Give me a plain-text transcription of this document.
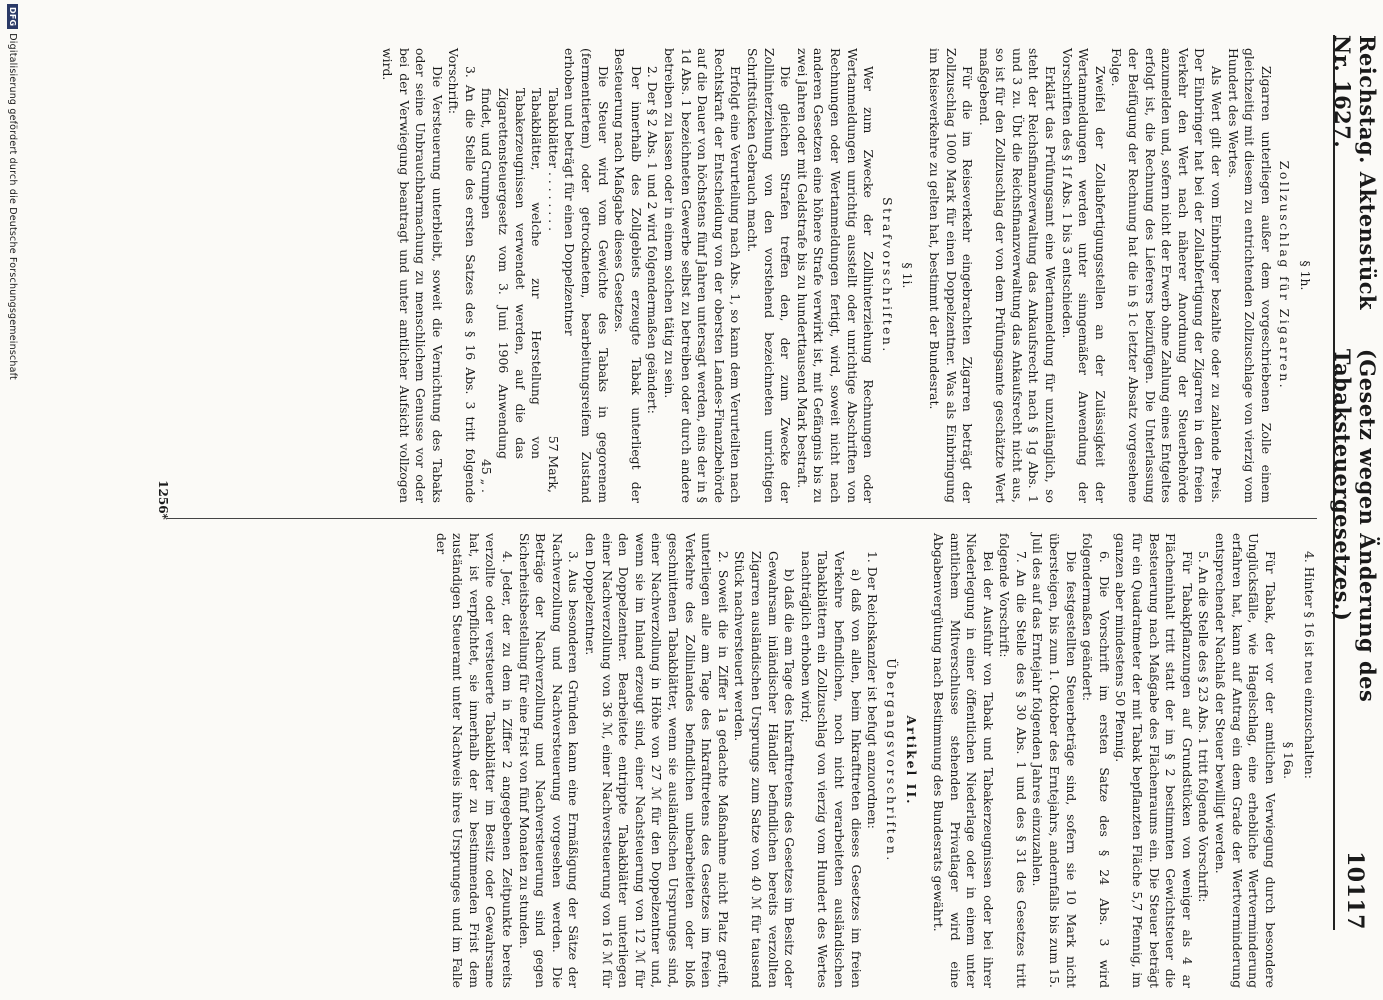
Reichstag. Aktenstück Nr. 1627.
(Gesetz wegen Änderung des Tabaksteuergesetzes.)
10117
§ 1h.
Zollzuschlag für Zigarren.

Zigarren unterliegen außer dem vorgeschriebenen Zolle einem gleichzeitig mit diesem zu entrichtenden Zollzuschlage von vierzig vom Hundert des Wertes.

Als Wert gilt der vom Einbringer bezahlte oder zu zahlende Preis. Der Einbringer hat bei der Zollabfertigung der Zigarren in den freien Verkehr den Wert nach näherer Anordnung der Steuerbehörde anzumelden und, sofern nicht der Erwerb ohne Zahlung eines Entgeltes erfolgt ist, die Rechnung des Lieferers beizufügen. Die Unterlassung der Beifügung der Rechnung hat die in § 1c letzter Absatz vorgesehene Folge.

Zweifel der Zollabfertigungsstellen an der Zulässigkeit der Wertanmeldungen werden unter sinngemäßer Anwendung der Vorschriften des § 1f Abs. 1 bis 3 entschieden.

Erklärt das Prüfungsamt eine Wertanmeldung für unzulänglich, so steht der Reichsfinanzverwaltung das Ankaufsrecht nach § 1g Abs. 1 und 3 zu. Übt die Reichsfinanzverwaltung das Ankaufsrecht nicht aus, so ist für den Zollzuschlag der von dem Prüfungsamte geschätzte Wert maßgebend.

Für die im Reiseverkehr eingebrachten Zigarren beträgt der Zollzuschlag 1000 Mark für einen Doppelzentner. Was als Einbringung im Reiseverkehre zu gelten hat, bestimmt der Bundesrat.

§ 1i.
Strafvorschriften.

Wer zum Zwecke der Zollhinterziehung Rechnungen oder Wertanmeldungen unrichtig ausstellt oder unrichtige Abschriften von Rechnungen oder Wertanmeldungen fertigt, wird, soweit nicht nach anderen Gesetzen eine höhere Strafe verwirkt ist, mit Gefängnis bis zu zwei Jahren oder mit Geldstrafe bis zu hunderttausend Mark bestraft.

Die gleichen Strafen treffen den, der zum Zwecke der Zollhinterziehung von den vorstehend bezeichneten unrichtigen Schriftstücken Gebrauch macht.

Erfolgt eine Verurteilung nach Abs. 1, so kann dem Verurteilten nach Rechtskraft der Entscheidung von der obersten Landes-Finanzbehörde auf die Dauer von höchstens fünf Jahren untersagt werden, eins der in § 1d Abs. 1 bezeichneten Gewerbe selbst zu betreiben oder durch andere betreiben zu lassen oder in einem solchen tätig zu sein.

2. Der § 2 Abs. 1 und 2 wird folgendermaßen geändert:

Der innerhalb des Zollgebiets erzeugte Tabak unterliegt der Besteuerung nach Maßgabe dieses Gesetzes.

Die Steuer wird vom Gewichte des Tabaks in gegorenem (fermentiertem) oder getrocknetem, bearbeitungsreifem Zustand erhoben und beträgt für einen Doppelzentner

Tabakblätter . . . . . . . .
57 Mark,
Tabakblätter, welche zur Herstellung von Tabakerzeugnissen verwendet werden, auf die das Zigarettensteuergesetz vom 3. Juni 1906 Anwendung findet, und Grumpen
45 „ .

3. An die Stelle des ersten Satzes des § 16 Abs. 3 tritt folgende Vorschrift:

Die Versteuerung unterbleibt, soweit die Vernichtung des Tabaks oder seine Unbrauchbarmachung zu menschlichem Genusse vor oder bei der Verwiegung beantragt und unter amtlicher Aufsicht vollzogen wird.

4. Hinter § 16 ist neu einzuschalten:

§ 16a.

Für Tabak, der vor der amtlichen Verwiegung durch besondere Unglücksfälle, wie Hagelschlag, eine erhebliche Wertverminderung erfahren hat, kann auf Antrag ein dem Grade der Wertverminderung entsprechender Nachlaß der Steuer bewilligt werden.

5. An die Stelle des § 23 Abs. 1 tritt folgende Vorschrift:

Für Tabakpflanzungen auf Grundstücken von weniger als 4 ar Flächeninhalt tritt statt der im § 2 bestimmten Gewichtsteuer die Besteuerung nach Maßgabe des Flächenraums ein. Die Steuer beträgt für ein Quadratmeter der mit Tabak bepflanzten Fläche 5,7 Pfennig, im ganzen aber mindestens 50 Pfennig.

6. Die Vorschrift im ersten Satze des § 24 Abs. 3 wird folgendermaßen geändert:

Die festgestellten Steuerbeträge sind, sofern sie 10 Mark nicht übersteigen, bis zum 1. Oktober des Erntejahrs, andernfalls bis zum 15. Juli des auf das Erntejahr folgenden Jahres einzuzahlen.

7. An die Stelle des § 30 Abs. 1 und des § 31 des Gesetzes tritt folgende Vorschrift:

Bei der Ausfuhr von Tabak und Tabakerzeugnissen oder bei ihrer Niederlegung in einer öffentlichen Niederlage oder in einem unter amtlichem Mitverschlusse stehenden Privatlager wird eine Abgabenvergütung nach Bestimmung des Bundesrats gewährt.

Artikel II.
Übergangsvorschriften.

1. Der Reichskanzler ist befugt anzuordnen:

a) daß von allen, beim Inkrafttreten dieses Gesetzes im freien Verkehre befindlichen, noch nicht verarbeiteten ausländischen Tabakblättern ein Zollzuschlag von vierzig vom Hundert des Wertes nachträglich erhoben wird;

b) daß die am Tage des Inkrafttretens des Gesetzes im Besitz oder Gewahrsam inländischer Händler befindlichen bereits verzollten Zigarren ausländischen Ursprungs zum Satze von 40 ℳ für tausend Stück nachversteuert werden.

2. Soweit die in Ziffer 1a gedachte Maßnahme nicht Platz greift, unterliegen alle am Tage des Inkrafttretens des Gesetzes im freien Verkehre des Zollinlandes befindlichen unbearbeiteten oder bloß geschnittenen Tabakblätter, wenn sie ausländischen Ursprunges sind, einer Nachverzollung in Höhe von 27 ℳ für den Doppelzentner und, wenn sie im Inland erzeugt sind, einer Nachsteuerung von 12 ℳ für den Doppelzentner. Bearbeitete entrippte Tabakblätter unterliegen einer Nachverzollung von 36 ℳ, einer Nachversteuerung von 16 ℳ für den Doppelzentner.

3. Aus besonderen Gründen kann eine Ermäßigung der Sätze der Nachverzollung und Nachversteuerung vorgesehen werden. Die Beträge der Nachverzollung und Nachversteuerung sind gegen Sicherheitsbestellung für eine Frist von fünf Monaten zu stunden.

4. Jeder, der zu dem in Ziffer 2 angegebenen Zeitpunkte bereits verzollte oder versteuerte Tabakblätter im Besitz oder Gewahrsame hat, ist verpflichtet, sie innerhalb der zu bestimmenden Frist dem zuständigen Steueramt unter Nachweis ihres Ursprunges und im Falle der

1256*
DFG
Digitalisierung gefördert durch die Deutsche Forschungsgemeinschaft
